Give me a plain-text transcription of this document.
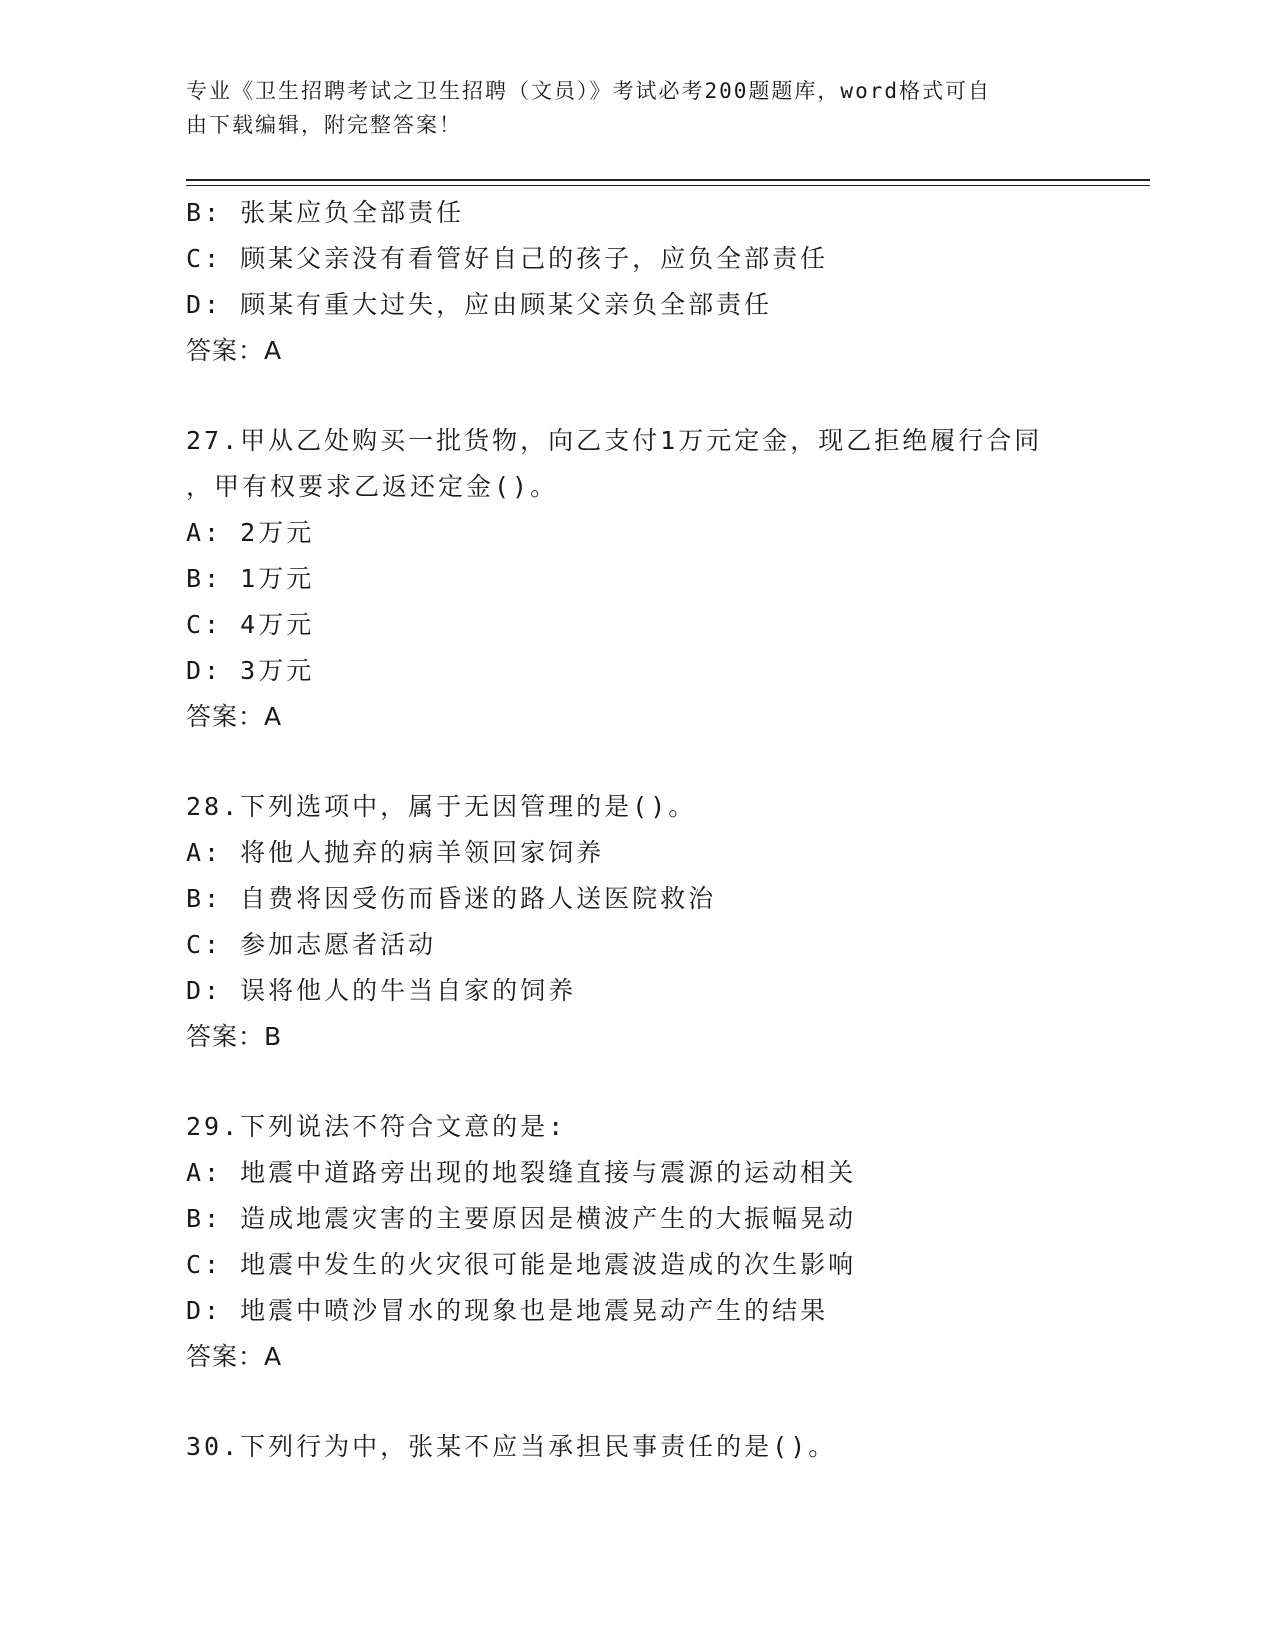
专业《卫生招聘考试之卫生招聘（文员）》考试必考200题题库，word格式可自
由下载编辑，附完整答案！
B: 张某应负全部责任
C: 顾某父亲没有看管好自己的孩子，应负全部责任
D: 顾某有重大过失，应由顾某父亲负全部责任
答案：A
27.甲从乙处购买一批货物，向乙支付1万元定金，现乙拒绝履行合同
，甲有权要求乙返还定金()。
A: 2万元
B: 1万元
C: 4万元
D: 3万元
答案：A
28.下列选项中，属于无因管理的是()。
A: 将他人抛弃的病羊领回家饲养
B: 自费将因受伤而昏迷的路人送医院救治
C: 参加志愿者活动
D: 误将他人的牛当自家的饲养
答案：B
29.下列说法不符合文意的是:
A: 地震中道路旁出现的地裂缝直接与震源的运动相关
B: 造成地震灾害的主要原因是横波产生的大振幅晃动
C: 地震中发生的火灾很可能是地震波造成的次生影响
D: 地震中喷沙冒水的现象也是地震晃动产生的结果
答案：A
30.下列行为中，张某不应当承担民事责任的是()。
